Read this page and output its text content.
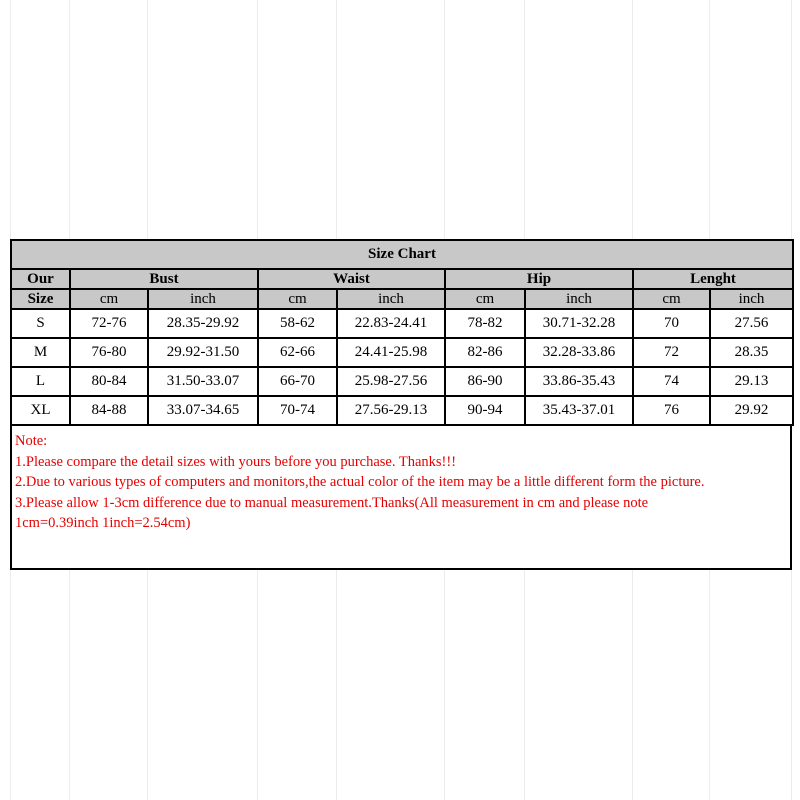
Size Chart								
Our	Bust		Waist		Hip		Lenght	
Size	cm	inch	cm	inch	cm	inch	cm	inch
S	72-76	28.35-29.92	58-62	22.83-24.41	78-82	30.71-32.28	70	27.56
M	76-80	29.92-31.50	62-66	24.41-25.98	82-86	32.28-33.86	72	28.35
L	80-84	31.50-33.07	66-70	25.98-27.56	86-90	33.86-35.43	74	29.13
XL	84-88	33.07-34.65	70-74	27.56-29.13	90-94	35.43-37.01	76	29.92
Note:
1.Please compare the detail sizes with yours before you purchase. Thanks!!!
2.Due to various types of computers and monitors,the actual color of the item may be a little different form the picture.
3.Please allow 1-3cm difference due to manual measurement.Thanks(All measurement in cm and please note
1cm=0.39inch 1inch=2.54cm)
